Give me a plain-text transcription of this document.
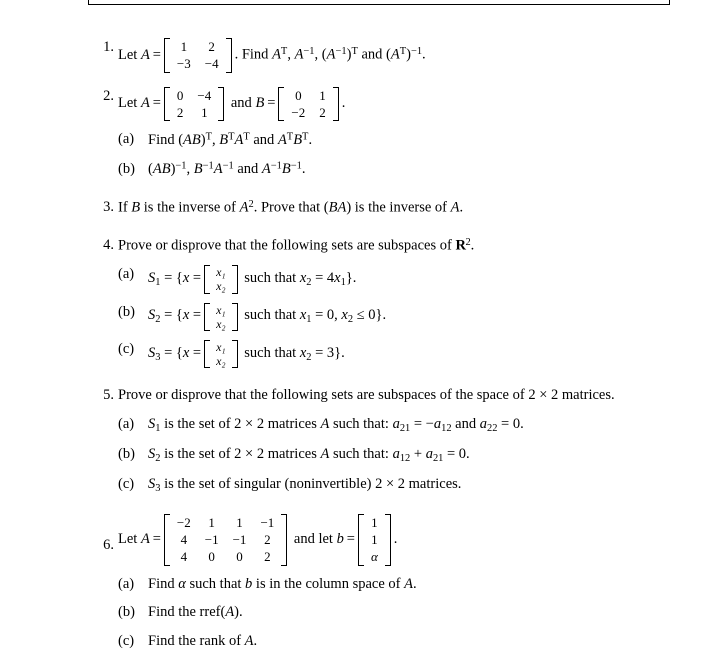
1. Let A =
1	2
−3	−4
. Find $A^T$, $A^{-1}$, $(A^{-1})^T$ and $(A^T)^{-1}$.
2. Let A =
0	−4
2	1
and B =
0	1
−2	2
.
(a) Find (AB)$^T$, $B^TA^T$ and $A^TB^T$.
(b) (AB)$^{-1}$, $B^{-1}A^{-1}$ and $A^{-1}B^{-1}$.
3. If B is the inverse of $A^2$. Prove that (BA) is the inverse of A.
4. Prove or disprove that the following sets are subspaces of $R^2$.
(a) $S_1 = \{x = x_1$
x₂
such that $x_2 = 4x_1$}.
(b) $S_2 = \{x = x_1$
x₂
such that $x_1 = 0$, $x_2 \le 0$}.
(c) $S_3 = \{x = x_1$
x₂
such that $x_2 = 3$}.
5. Prove or disprove that the following sets are subspaces of the space of 2 × 2 matrices.
(a) $S_1$ is the set of 2 × 2 matrices A such that: $a_{21} = -a_{12}$ and $a_{22} = 0$.
(b) $S_2$ is the set of 2 × 2 matrices A such that: $a_{12} + a_{21} = 0$.
(c) $S_3$ is the set of singular (noninvertible) 2 × 2 matrices.
6. Let A =
−2	1	1	−1
4	−1	−1	2
4	0	0	2
and let b =
1
1
α
.
(a) Find α such that b is in the column space of A.
(b) Find the rref(A).
(c) Find the rank of A.
